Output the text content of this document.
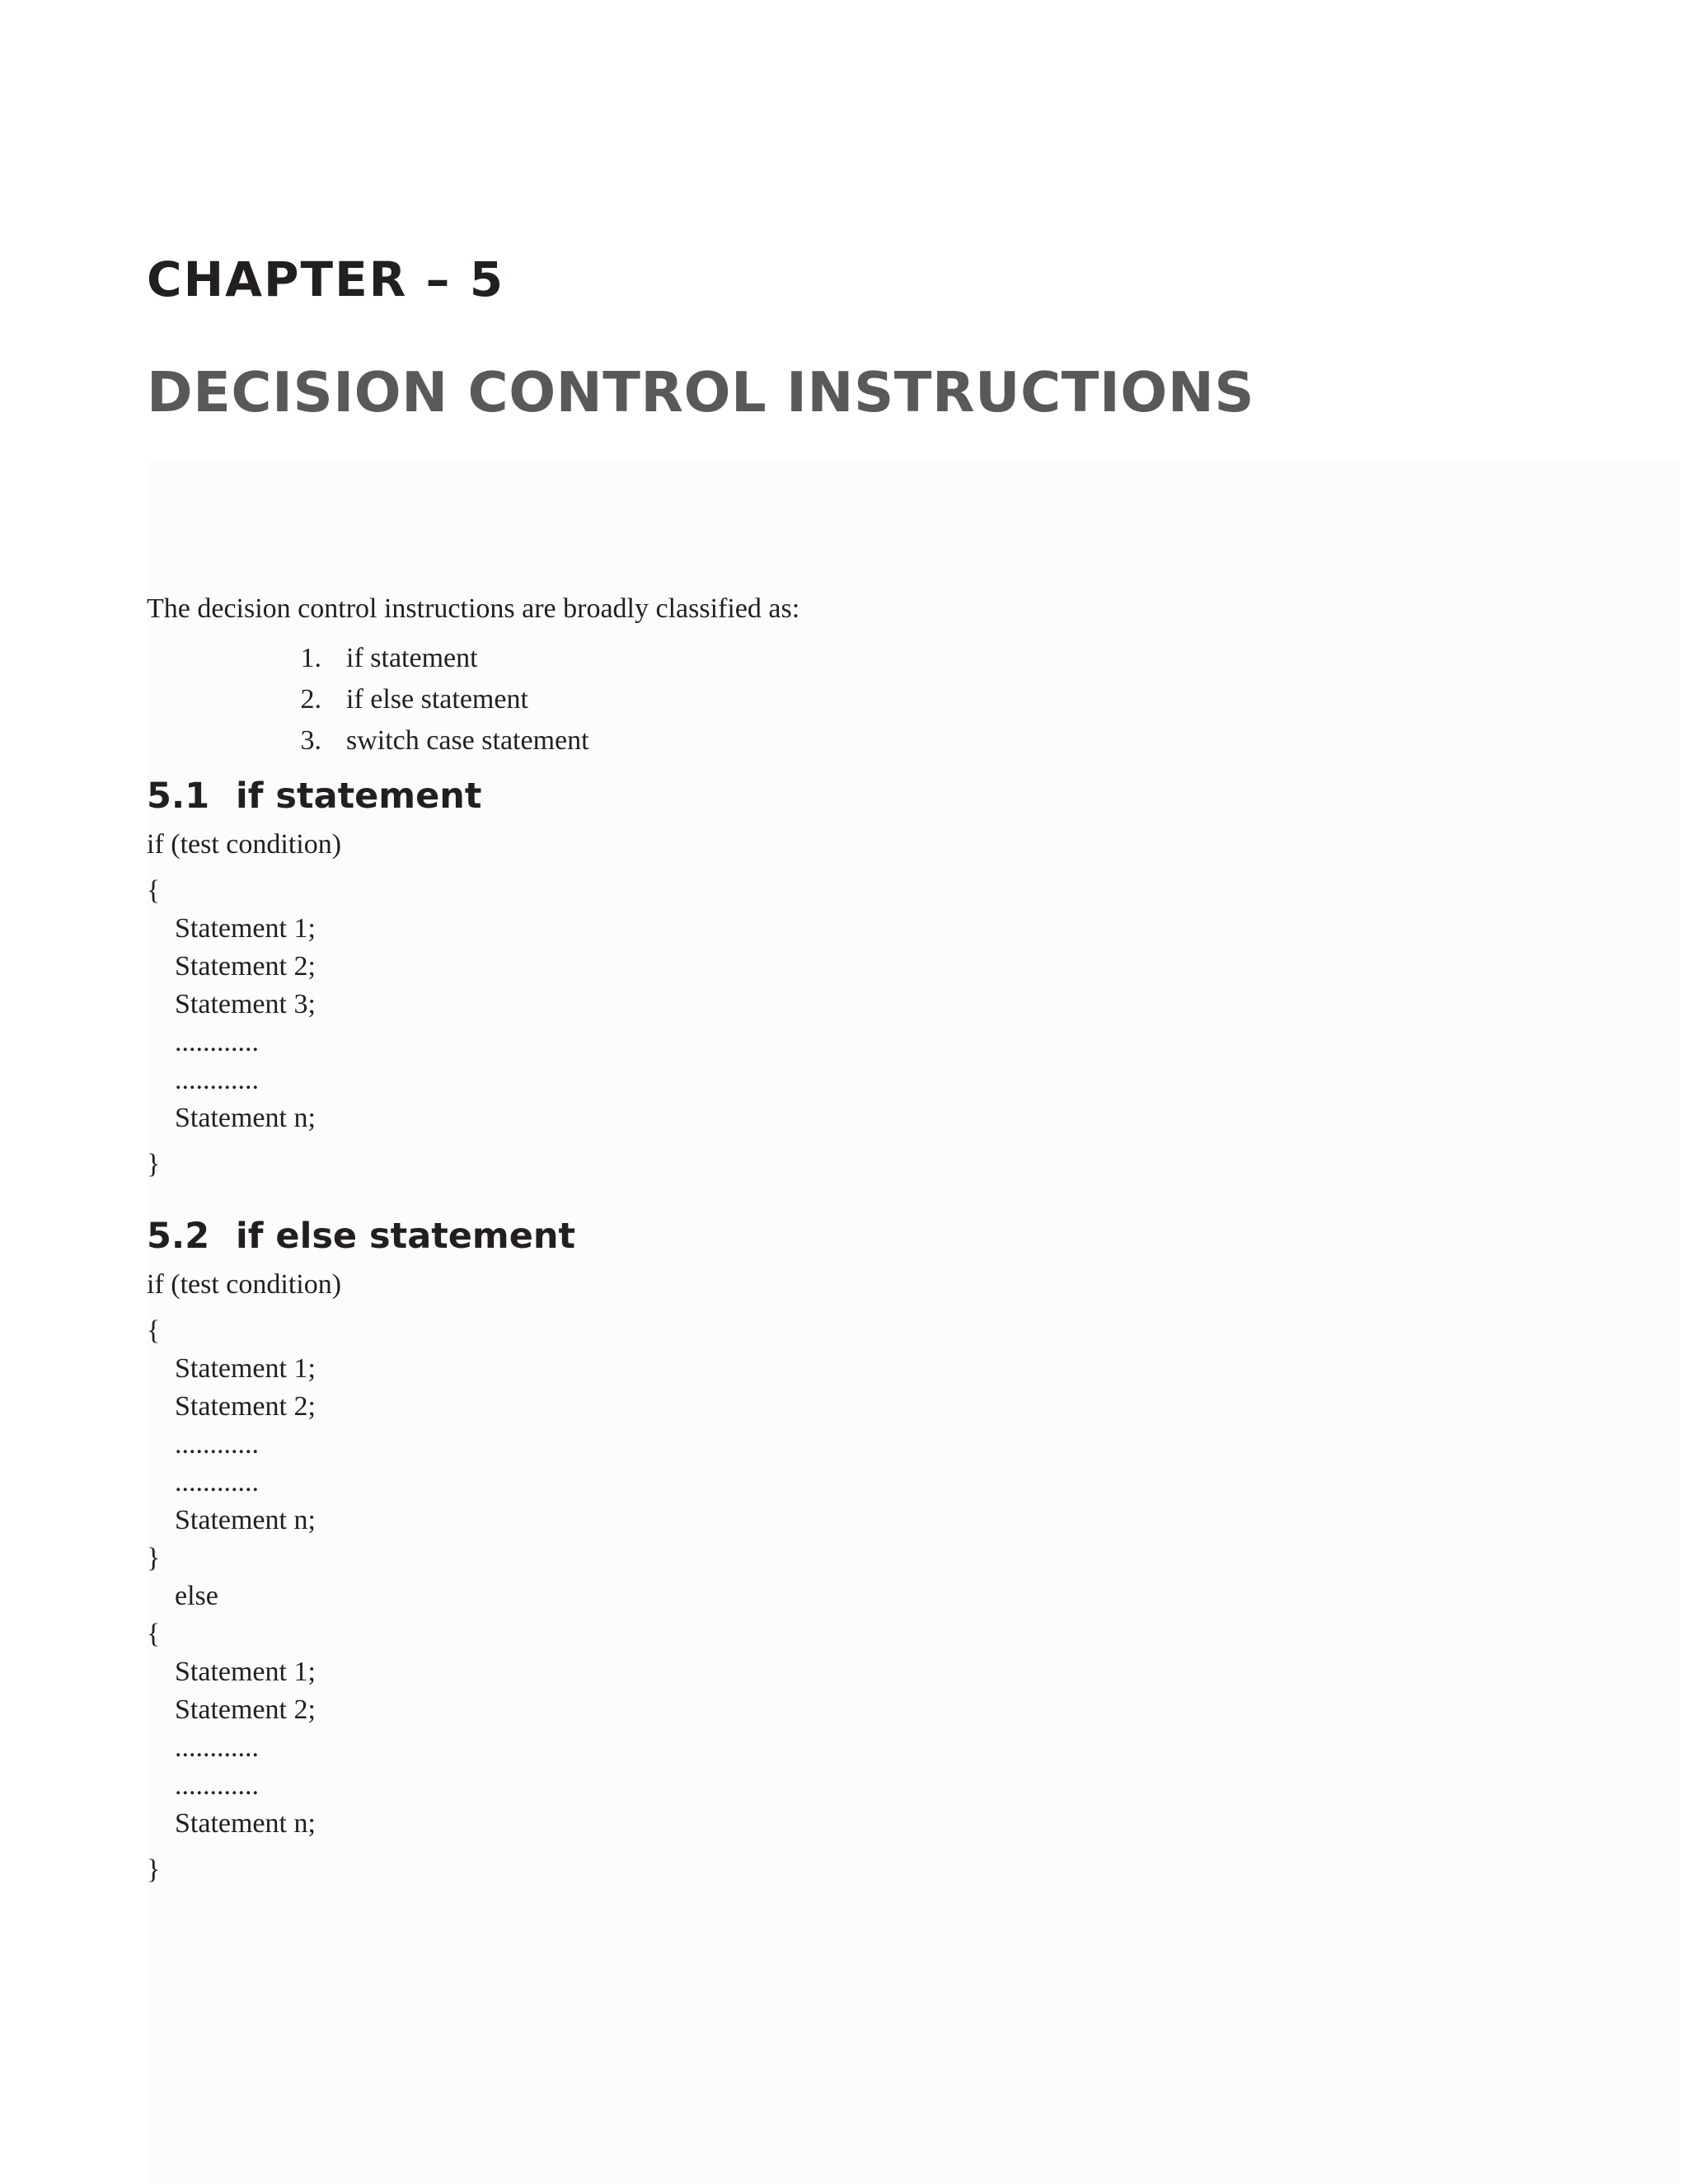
CHAPTER – 5
DECISION CONTROL INSTRUCTIONS

The decision control instructions are broadly classified as:

1. if statement
2. if else statement
3. switch case statement
5.1 if statement
if (test condition)
{
Statement 1;
Statement 2;
Statement 3;
............
............
Statement n;
}
5.2 if else statement
if (test condition)
{
Statement 1;
Statement 2;
............
............
Statement n;
}
else
{
Statement 1;
Statement 2;
............
............
Statement n;
}
